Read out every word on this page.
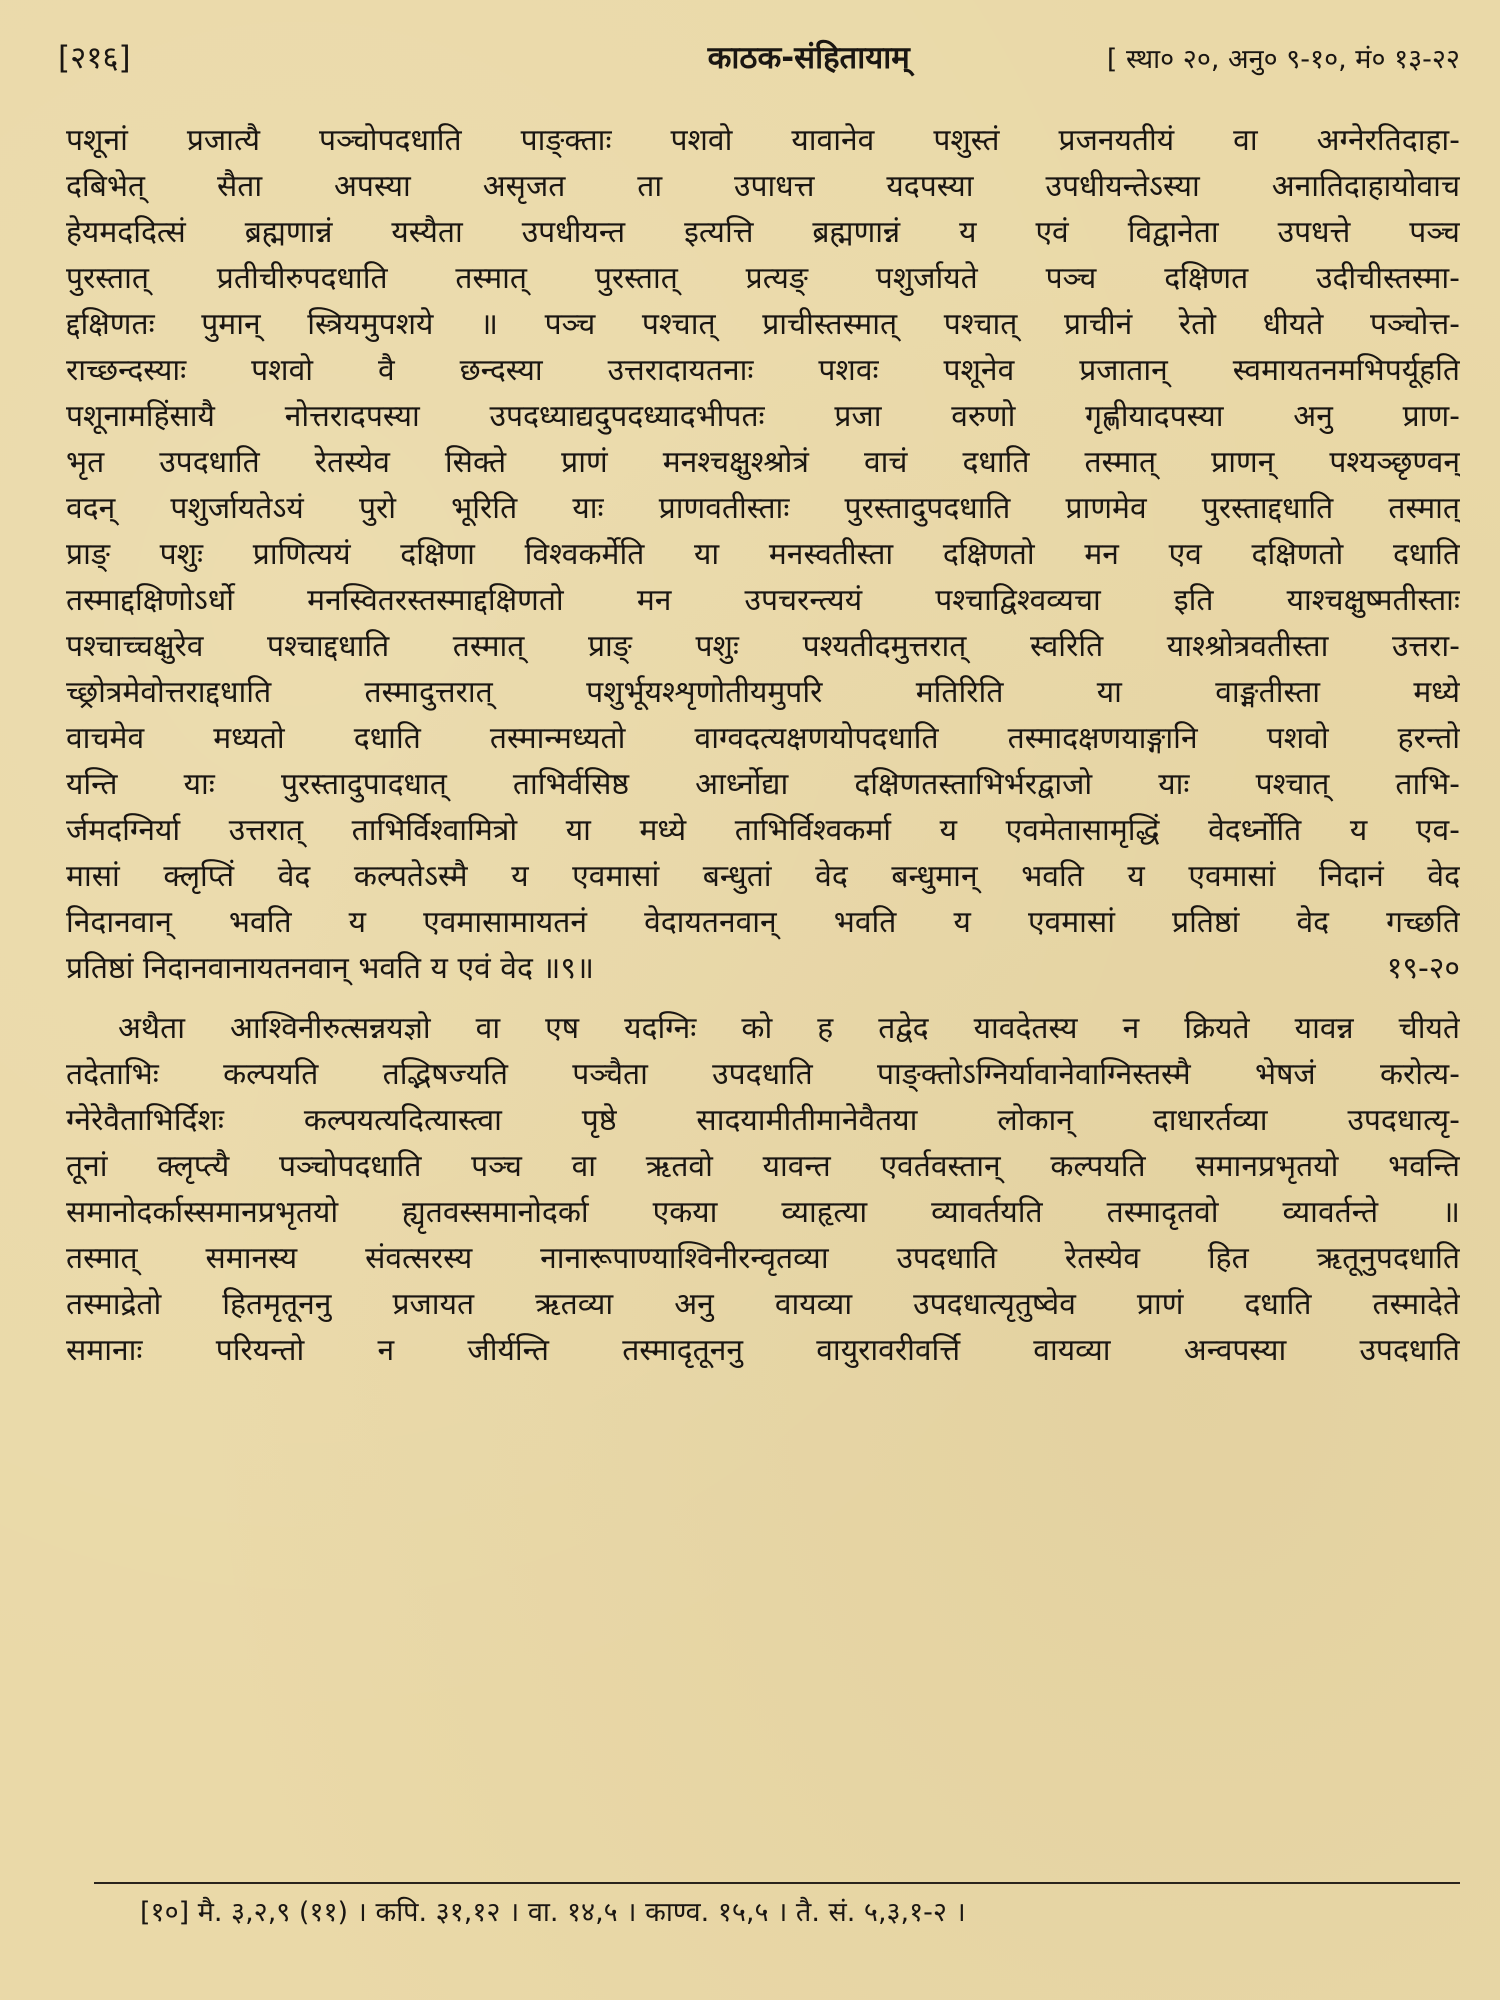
[२१६]	काठक-संहितायाम्	[ स्था० २०, अनु० ९-१०, मं० १३-२२
पशूनां प्रजात्यै पञ्चोपदधाति पाङ्क्ताः पशवो यावानेव पशुस्तं प्रजनयतीयं वा अग्नेरतिदाहा-
दबिभेत् सैता अपस्या असृजत ता उपाधत्त यदपस्या उपधीयन्तेऽस्या अनातिदाहायोवाच
हेयमददित्सं ब्रह्मणान्नं यस्यैता उपधीयन्त इत्यत्ति ब्रह्मणान्नं य एवं विद्वानेता उपधत्ते पञ्च
पुरस्तात् प्रतीचीरुपदधाति तस्मात् पुरस्तात् प्रत्यङ् पशुर्जायते पञ्च दक्षिणत उदीचीस्तस्मा-
द्दक्षिणतः पुमान् स्त्रियमुपशये ॥ पञ्च पश्चात् प्राचीस्तस्मात् पश्चात् प्राचीनं रेतो धीयते पञ्चोत्त-
राच्छन्दस्याः पशवो वै छन्दस्या उत्तरादायतनाः पशवः पशूनेव प्रजातान् स्वमायतनमभिपर्यूहति
पशूनामहिंसायै नोत्तरादपस्या उपदध्याद्यदुपदध्यादभीपतः प्रजा वरुणो गृह्णीयादपस्या अनु प्राण-
भृत उपदधाति रेतस्येव सिक्ते प्राणं मनश्चक्षुश्श्रोत्रं वाचं दधाति तस्मात् प्राणन् पश्यञ्छृण्वन्
वदन् पशुर्जायतेऽयं पुरो भूरिति याः प्राणवतीस्ताः पुरस्तादुपदधाति प्राणमेव पुरस्ताद्दधाति तस्मात्
प्राङ् पशुः प्राणित्ययं दक्षिणा विश्वकर्मेति या मनस्वतीस्ता दक्षिणतो मन एव दक्षिणतो दधाति
तस्माद्दक्षिणोऽर्धो मनस्वितरस्तस्माद्दक्षिणतो मन उपचरन्त्ययं पश्चाद्विश्वव्यचा इति याश्चक्षुष्मतीस्ताः
पश्चाच्चक्षुरेव पश्चाद्दधाति तस्मात् प्राङ् पशुः पश्यतीदमुत्तरात् स्वरिति याश्श्रोत्रवतीस्ता उत्तरा-
च्छ्रोत्रमेवोत्तराद्दधाति तस्मादुत्तरात् पशुर्भूयश्शृणोतीयमुपरि मतिरिति या वाङ्मतीस्ता मध्ये
वाचमेव मध्यतो दधाति तस्मान्मध्यतो वाग्वदत्यक्षणयोपदधाति तस्मादक्षणयाङ्गानि पशवो हरन्तो
यन्ति याः पुरस्तादुपादधात् ताभिर्वसिष्ठ आर्ध्नोद्या दक्षिणतस्ताभिर्भरद्वाजो याः पश्चात् ताभि-
र्जमदग्निर्या उत्तरात् ताभिर्विश्वामित्रो या मध्ये ताभिर्विश्वकर्मा य एवमेतासामृद्धिं वेदर्ध्नोति य एव-
मासां क्लृप्तिं वेद कल्पतेऽस्मै य एवमासां बन्धुतां वेद बन्धुमान् भवति य एवमासां निदानं वेद
निदानवान् भवति य एवमासामायतनं वेदायतनवान् भवति य एवमासां प्रतिष्ठां वेद गच्छति
प्रतिष्ठां निदानवानायतनवान् भवति य एवं वेद ॥९॥	१९-२०
अथैता आश्विनीरुत्सन्नयज्ञो वा एष यदग्निः को ह तद्वेद यावदेतस्य न क्रियते यावन्न चीयते
तदेताभिः कल्पयति तद्भिषज्यति पञ्चैता उपदधाति पाङ्क्तोऽग्निर्यावानेवाग्निस्तस्मै भेषजं करोत्य-
ग्नेरेवैताभिर्दिशः कल्पयत्यदित्यास्त्वा पृष्ठे सादयामीतीमानेवैतया लोकान् दाधारर्तव्या उपदधात्यृ-
तूनां क्लृप्त्यै पञ्चोपदधाति पञ्च वा ऋतवो यावन्त एवर्तवस्तान् कल्पयति समानप्रभृतयो भवन्ति
समानोदर्कास्समानप्रभृतयो ह्यृतवस्समानोदर्का एकया व्याहृत्या व्यावर्तयति तस्मादृतवो व्यावर्तन्ते ॥
तस्मात् समानस्य संवत्सरस्य नानारूपाण्याश्विनीरन्वृतव्या उपदधाति रेतस्येव हित ऋतूनुपदधाति
तस्माद्रेतो हितमृतूननु प्रजायत ऋतव्या अनु वायव्या उपदधात्यृतुष्वेव प्राणं दधाति तस्मादेते
समानाः परियन्तो न जीर्यन्ति तस्मादृतूननु वायुरावरीवर्त्ति वायव्या अन्वपस्या उपदधाति
[१०] मै. ३,२,९ (११) । कपि. ३१,१२ । वा. १४,५ । काण्व. १५,५ । तै. सं. ५,३,१-२ ।
